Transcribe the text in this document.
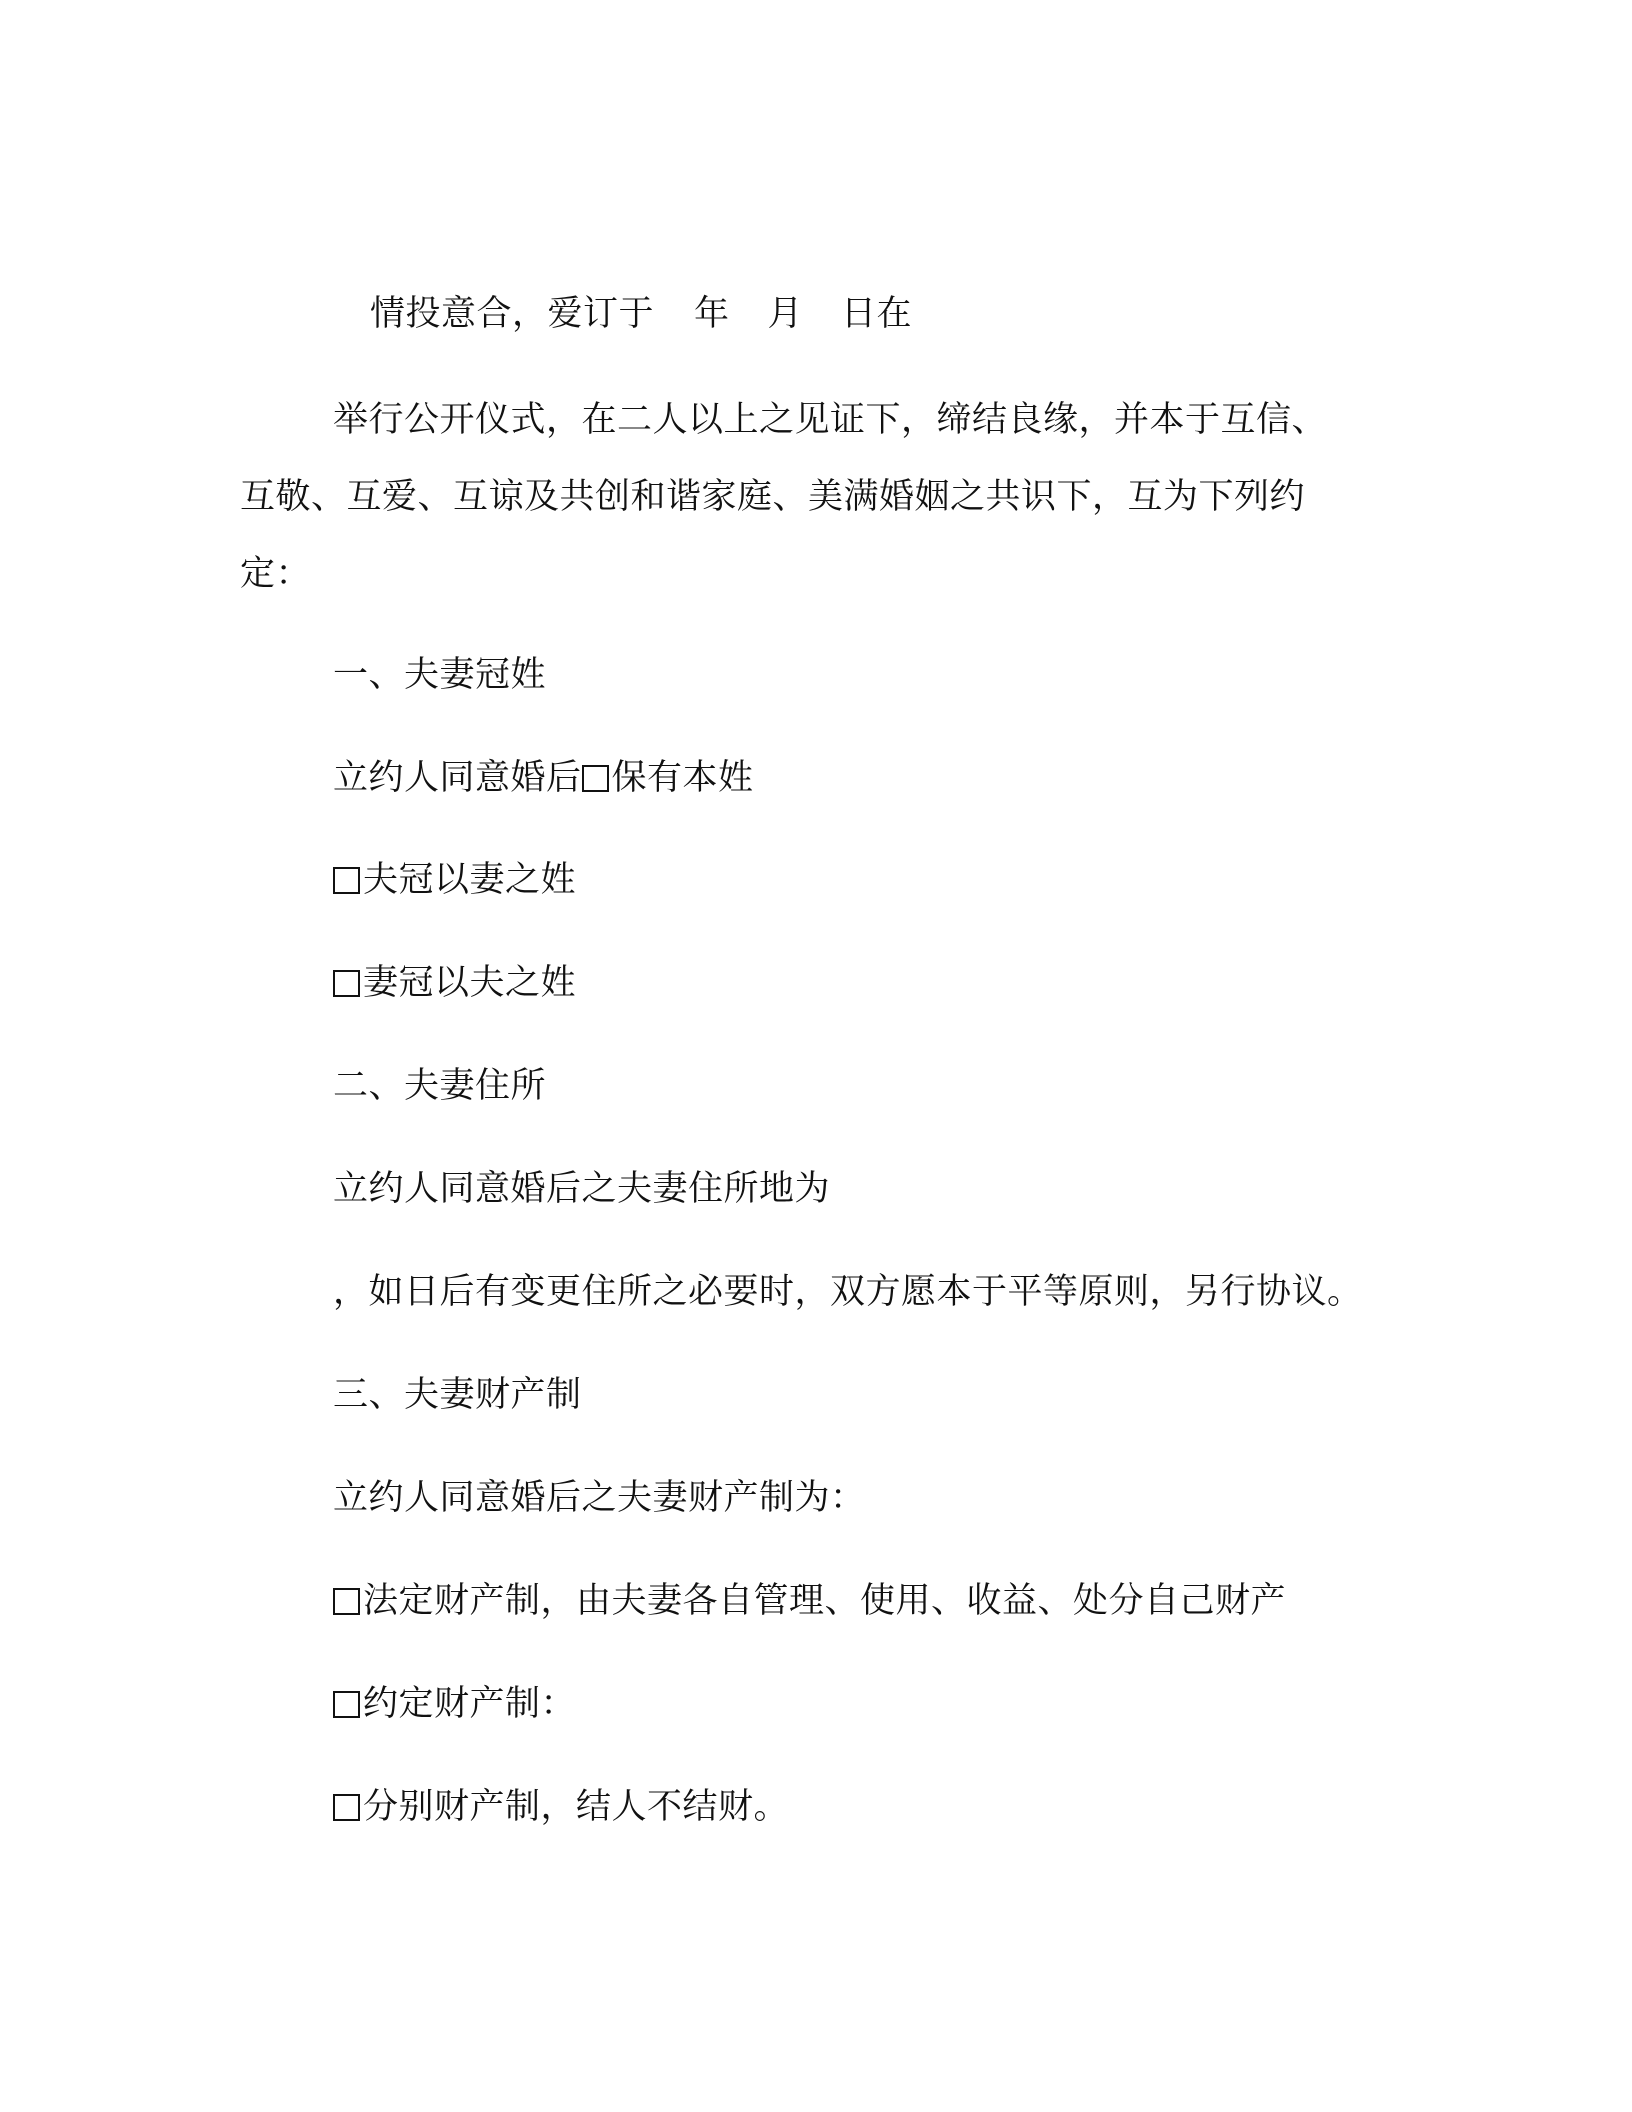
情投意合，爱订于 年 月 日在
举行公开仪式，在二人以上之见证下，缔结良缘，并本于互信、
互敬、互爱、互谅及共创和谐家庭、美满婚姻之共识下，互为下列约
定：
一、夫妻冠姓
立约人同意婚后 保有本姓
夫冠以妻之姓
妻冠以夫之姓
二、夫妻住所
立约人同意婚后之夫妻住所地为
，如日后有变更住所之必要时，双方愿本于平等原则，另行协议。
三、夫妻财产制
立约人同意婚后之夫妻财产制为：
法定财产制，由夫妻各自管理、使用、收益、处分自己财产
约定财产制：
分别财产制，结人不结财。
